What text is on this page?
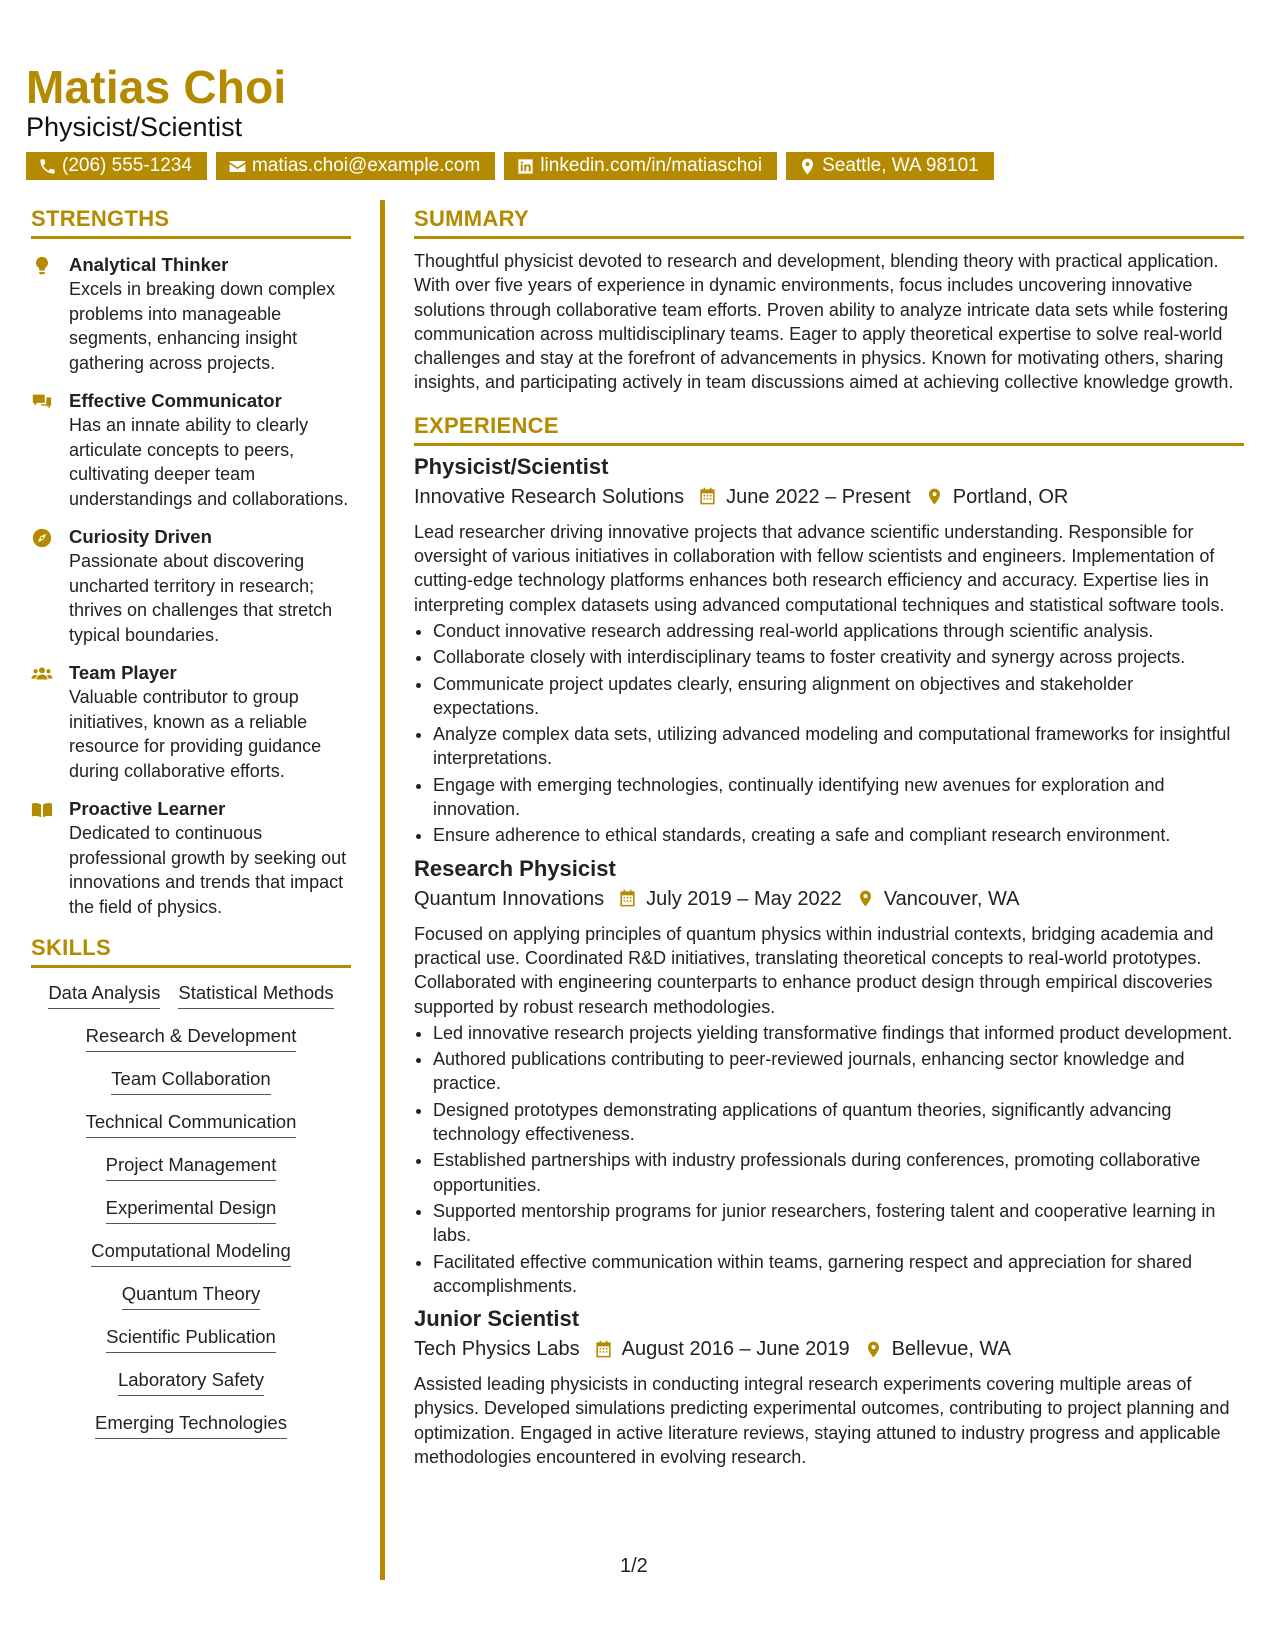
Matias Choi
Physicist/Scientist
(206) 555-1234	matias.choi@example.com	linkedin.com/in/matiaschoi	Seattle, WA 98101
STRENGTHS
Analytical Thinker
Excels in breaking down complex problems into manageable segments, enhancing insight gathering across projects.
Effective Communicator
Has an innate ability to clearly articulate concepts to peers, cultivating deeper team understandings and collaborations.
Curiosity Driven
Passionate about discovering uncharted territory in research; thrives on challenges that stretch typical boundaries.
Team Player
Valuable contributor to group initiatives, known as a reliable resource for providing guidance during collaborative efforts.
Proactive Learner
Dedicated to continuous professional growth by seeking out innovations and trends that impact the field of physics.
SKILLS
Data Analysis Statistical Methods
Research & Development
Team Collaboration
Technical Communication
Project Management
Experimental Design
Computational Modeling
Quantum Theory
Scientific Publication
Laboratory Safety
Emerging Technologies
SUMMARY
Thoughtful physicist devoted to research and development, blending theory with practical application. With over five years of experience in dynamic environments, focus includes uncovering innovative solutions through collaborative team efforts. Proven ability to analyze intricate data sets while fostering communication across multidisciplinary teams. Eager to apply theoretical expertise to solve real-world challenges and stay at the forefront of advancements in physics. Known for motivating others, sharing insights, and participating actively in team discussions aimed at achieving collective knowledge growth.
EXPERIENCE
Physicist/Scientist
Innovative Research Solutions June 2022 – Present Portland, OR
Lead researcher driving innovative projects that advance scientific understanding. Responsible for oversight of various initiatives in collaboration with fellow scientists and engineers. Implementation of cutting-edge technology platforms enhances both research efficiency and accuracy. Expertise lies in interpreting complex datasets using advanced computational techniques and statistical software tools.
• Conduct innovative research addressing real-world applications through scientific analysis.
• Collaborate closely with interdisciplinary teams to foster creativity and synergy across projects.
• Communicate project updates clearly, ensuring alignment on objectives and stakeholder expectations.
• Analyze complex data sets, utilizing advanced modeling and computational frameworks for insightful interpretations.
• Engage with emerging technologies, continually identifying new avenues for exploration and innovation.
• Ensure adherence to ethical standards, creating a safe and compliant research environment.
Research Physicist
Quantum Innovations July 2019 – May 2022 Vancouver, WA
Focused on applying principles of quantum physics within industrial contexts, bridging academia and practical use. Coordinated R&D initiatives, translating theoretical concepts to real-world prototypes. Collaborated with engineering counterparts to enhance product design through empirical discoveries supported by robust research methodologies.
• Led innovative research projects yielding transformative findings that informed product development.
• Authored publications contributing to peer-reviewed journals, enhancing sector knowledge and practice.
• Designed prototypes demonstrating applications of quantum theories, significantly advancing technology effectiveness.
• Established partnerships with industry professionals during conferences, promoting collaborative opportunities.
• Supported mentorship programs for junior researchers, fostering talent and cooperative learning in labs.
• Facilitated effective communication within teams, garnering respect and appreciation for shared accomplishments.
Junior Scientist
Tech Physics Labs August 2016 – June 2019 Bellevue, WA
Assisted leading physicists in conducting integral research experiments covering multiple areas of physics. Developed simulations predicting experimental outcomes, contributing to project planning and optimization. Engaged in active literature reviews, staying attuned to industry progress and applicable methodologies encountered in evolving research.
1/2
